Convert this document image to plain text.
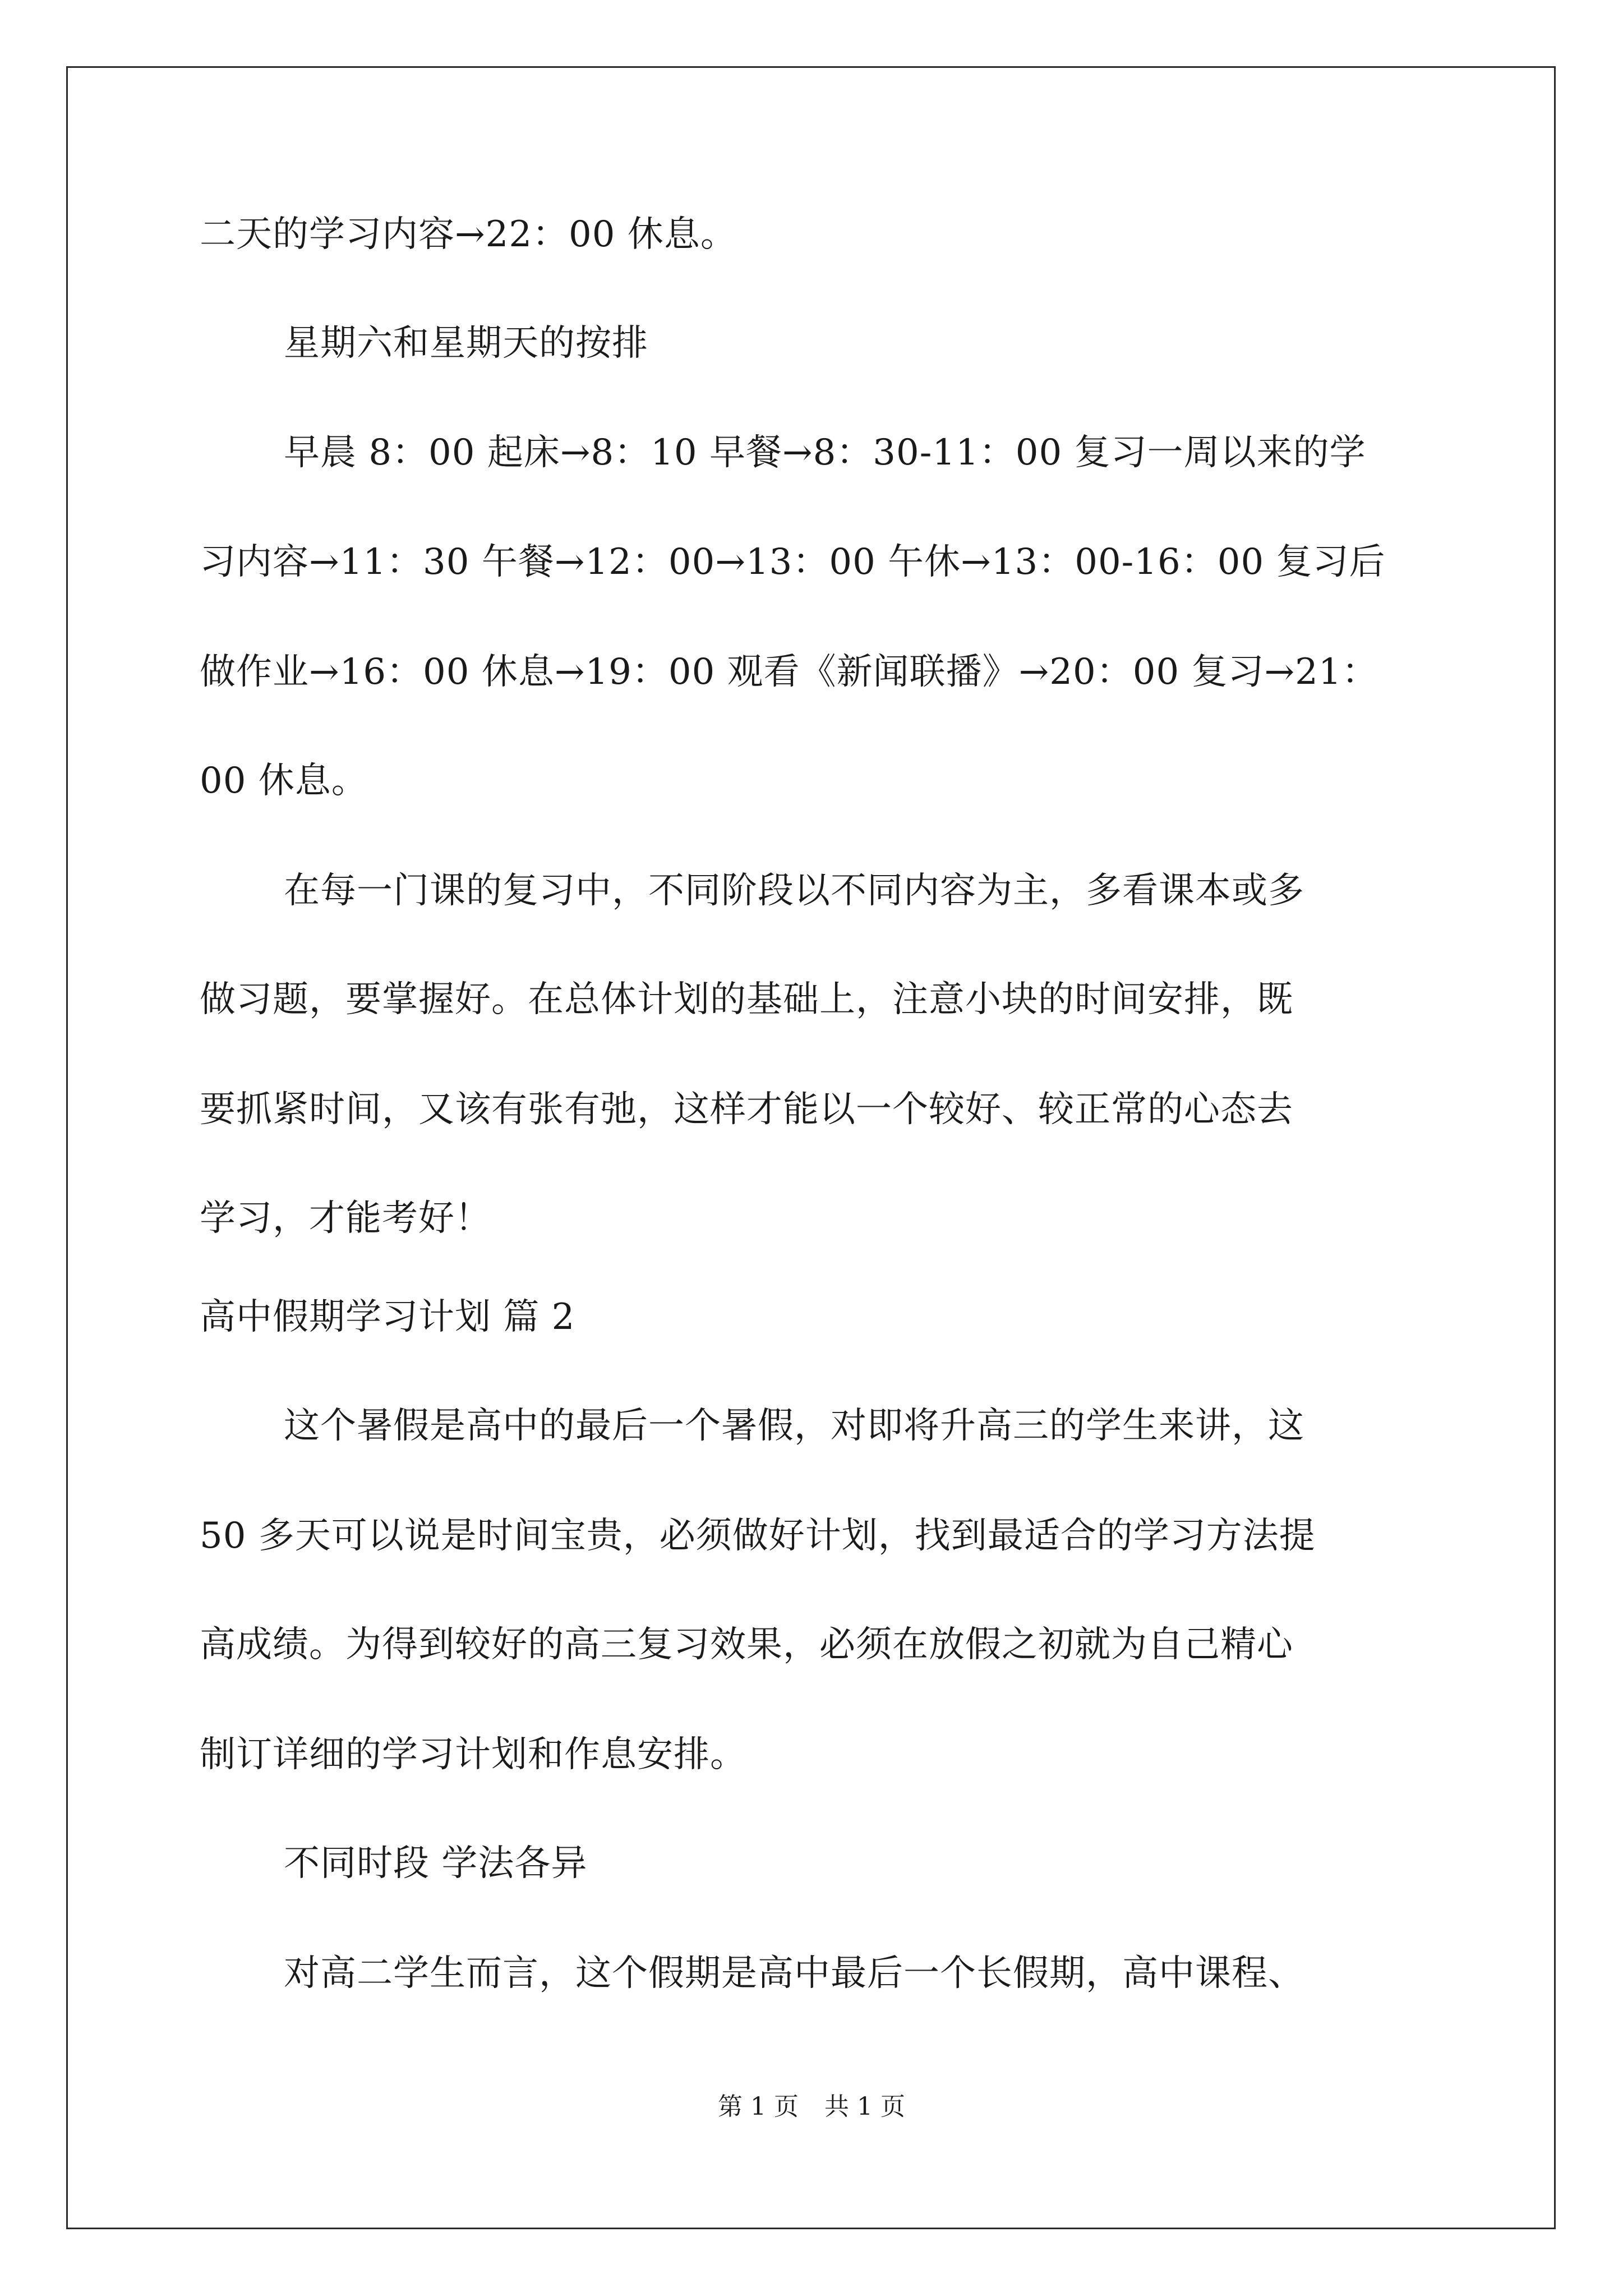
二天的学习内容→22：00 休息。
星期六和星期天的按排
早晨 8：00 起床→8：10 早餐→8：30-11：00 复习一周以来的学
习内容→11：30 午餐→12：00→13：00 午休→13：00-16：00 复习后
做作业→16：00 休息→19：00 观看《新闻联播》→20：00 复习→21：
00 休息。
在每一门课的复习中，不同阶段以不同内容为主，多看课本或多
做习题，要掌握好。在总体计划的基础上，注意小块的时间安排，既
要抓紧时间，又该有张有弛，这样才能以一个较好、较正常的心态去
学习，才能考好！
高中假期学习计划 篇 2
这个暑假是高中的最后一个暑假，对即将升高三的学生来讲，这
50 多天可以说是时间宝贵，必须做好计划，找到最适合的学习方法提
高成绩。为得到较好的高三复习效果，必须在放假之初就为自己精心
制订详细的学习计划和作息安排。
不同时段 学法各异
对高二学生而言，这个假期是高中最后一个长假期，高中课程、
第 1 页 共 1 页
